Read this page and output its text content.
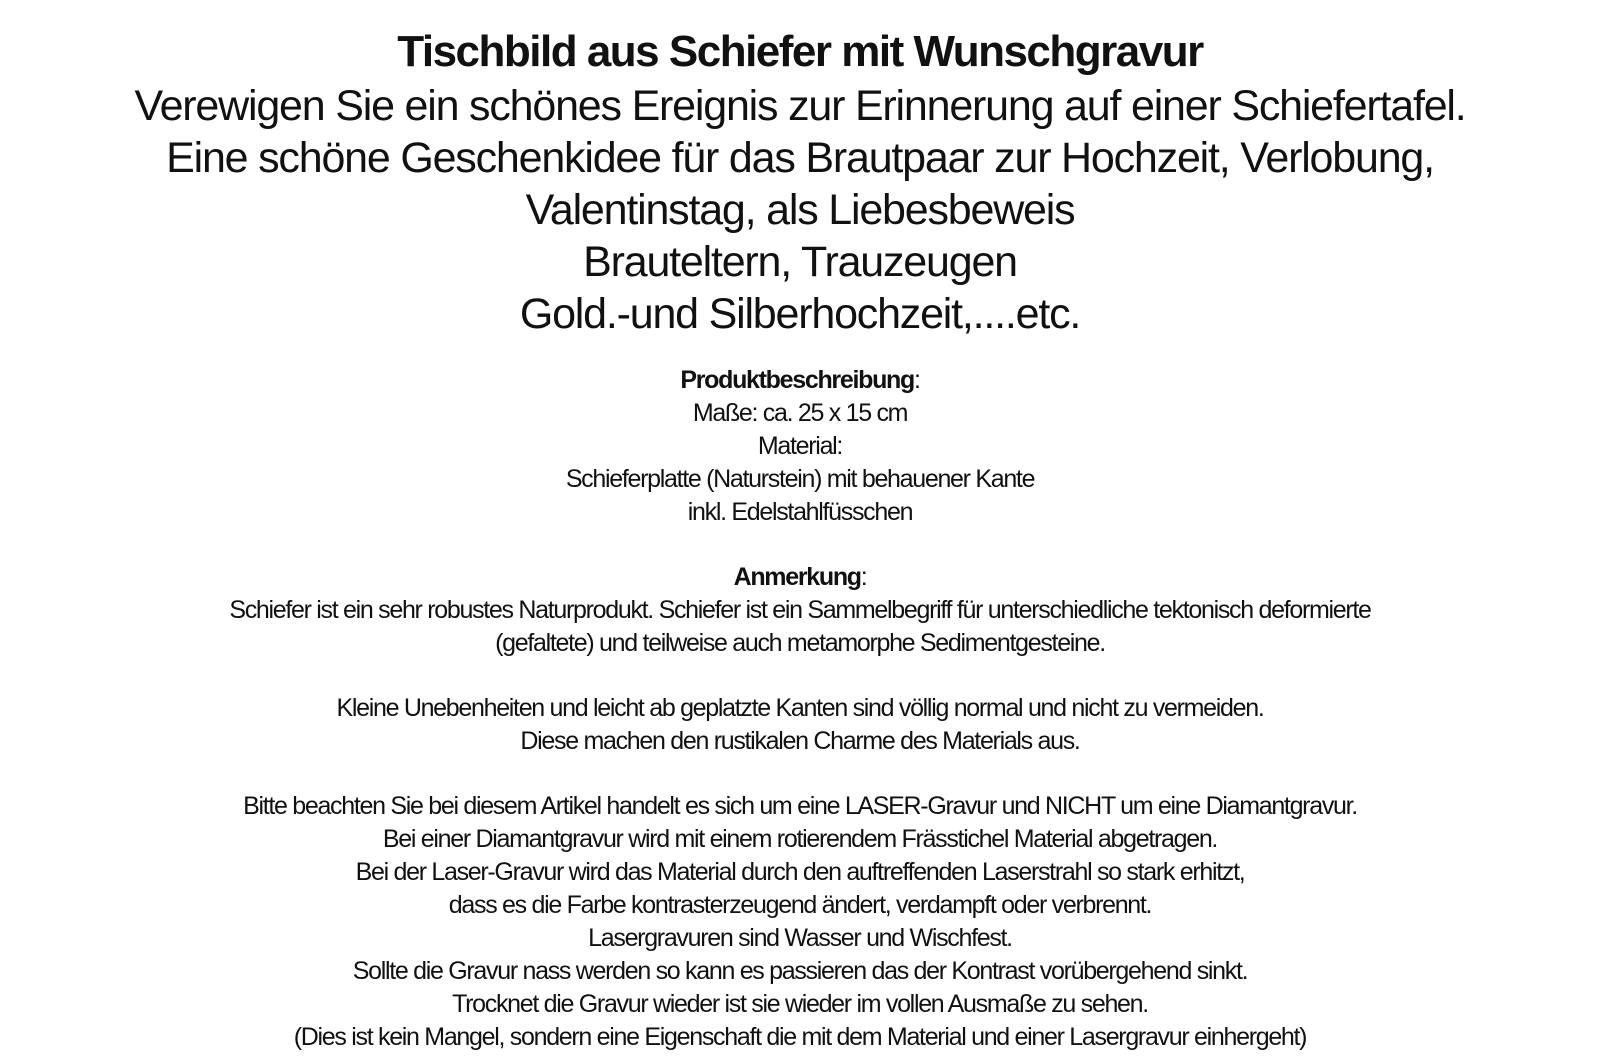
Tischbild aus Schiefer mit Wunschgravur
Verewigen Sie ein schönes Ereignis zur Erinnerung auf einer Schiefertafel.
Eine schöne Geschenkidee für das Brautpaar zur Hochzeit, Verlobung,
Valentinstag, als Liebesbeweis
Brauteltern, Trauzeugen
Gold.-und Silberhochzeit,....etc.
Produktbeschreibung:
Maße: ca. 25 x 15 cm
Material:
Schieferplatte (Naturstein) mit behauener Kante
inkl. Edelstahlfüsschen
Anmerkung:
Schiefer ist ein sehr robustes Naturprodukt. Schiefer ist ein Sammelbegriff für unterschiedliche tektonisch deformierte
(gefaltete) und teilweise auch metamorphe Sedimentgesteine.
Kleine Unebenheiten und leicht ab geplatzte Kanten sind völlig normal und nicht zu vermeiden.
Diese machen den rustikalen Charme des Materials aus.
Bitte beachten Sie bei diesem Artikel handelt es sich um eine LASER-Gravur und NICHT um eine Diamantgravur.
Bei einer Diamantgravur wird mit einem rotierendem Frässtichel Material abgetragen.
Bei der Laser-Gravur wird das Material durch den auftreffenden Laserstrahl so stark erhitzt,
dass es die Farbe kontrasterzeugend ändert, verdampft oder verbrennt.
Lasergravuren sind Wasser und Wischfest.
Sollte die Gravur nass werden so kann es passieren das der Kontrast vorübergehend sinkt.
Trocknet die Gravur wieder ist sie wieder im vollen Ausmaße zu sehen.
(Dies ist kein Mangel, sondern eine Eigenschaft die mit dem Material und einer Lasergravur einhergeht)
